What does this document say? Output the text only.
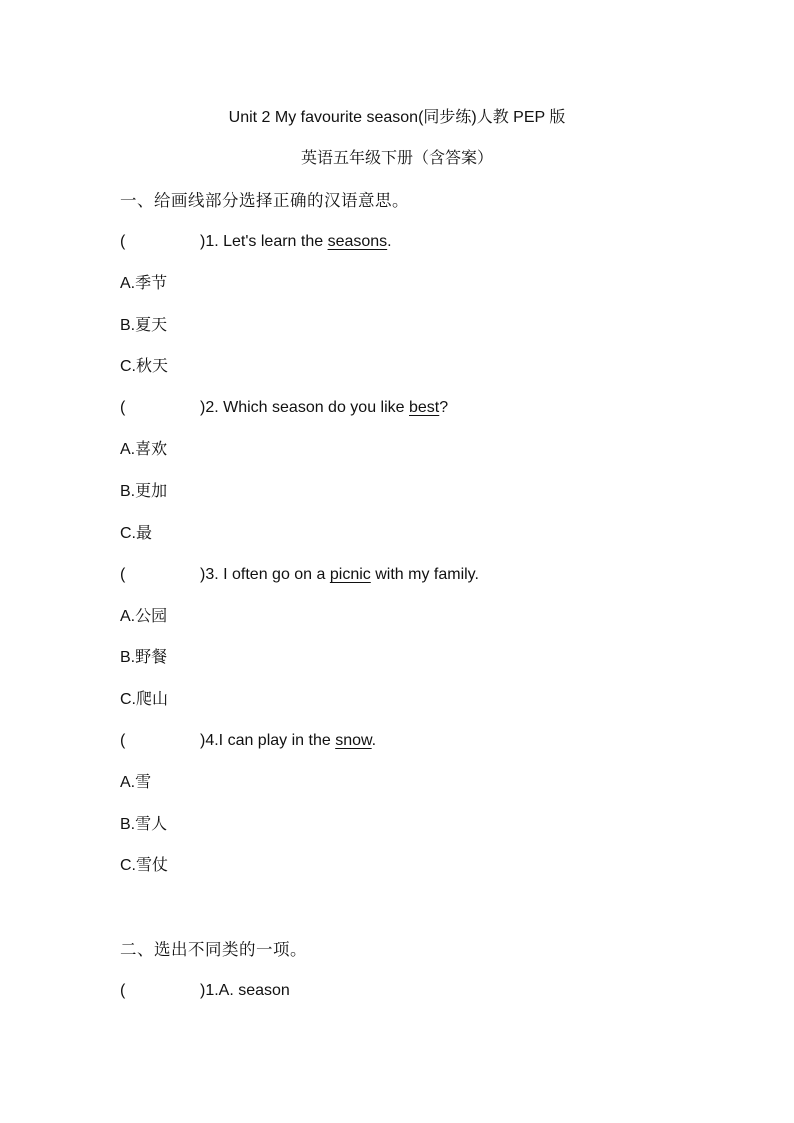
Unit 2 My favourite season(同步练)人教 PEP 版
英语五年级下册（含答案）
一、给画线部分选择正确的汉语意思。
(	)1. Let's learn the seasons.
A.季节
B.夏天
C.秋天
(	)2. Which season do you like best?
A.喜欢
B.更加
C.最
(	)3. I often go on a picnic with my family.
A.公园
B.野餐
C.爬山
(	)4.I can play in the snow.
A.雪
B.雪人
C.雪仗
二、选出不同类的一项。
(	)1.A. season
